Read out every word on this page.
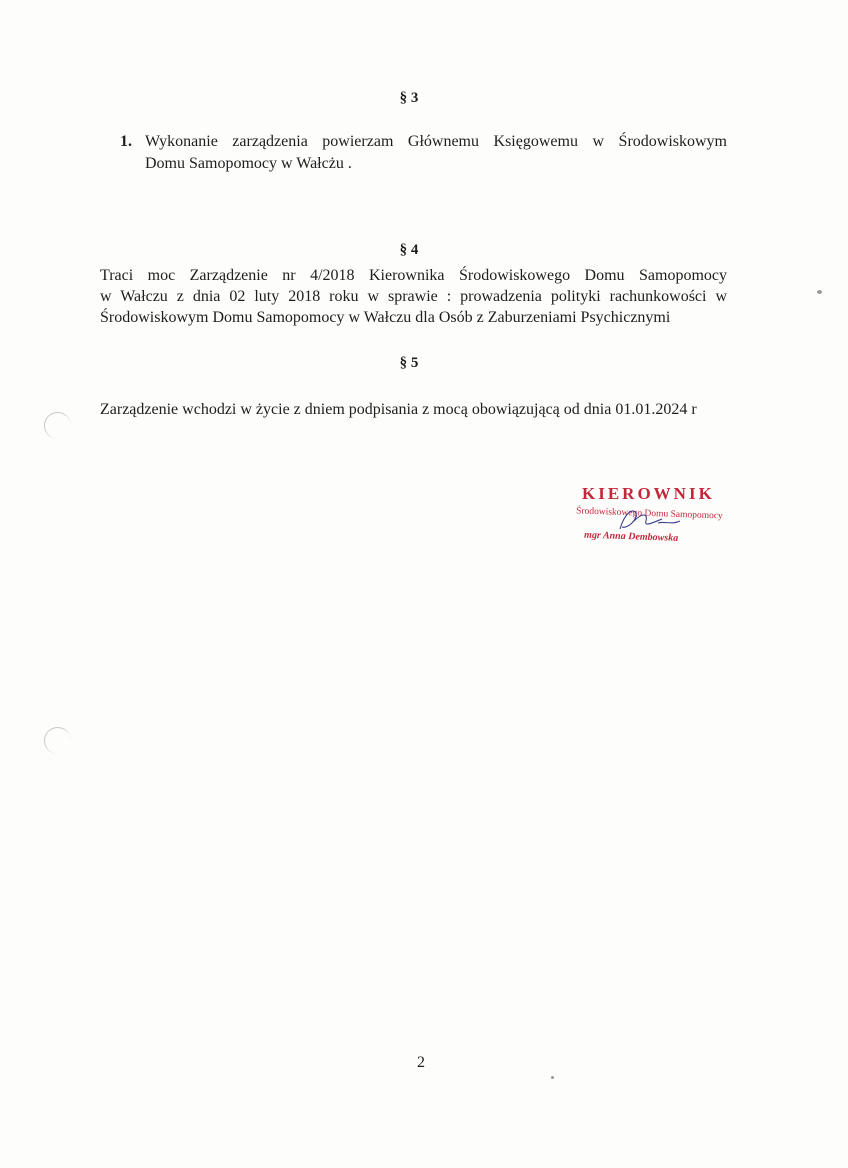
§ 3
1. Wykonanie zarządzenia powierzam Głównemu Księgowemu w Środowiskowym
Domu Samopomocy w Wałcżu .
§ 4
Traci moc Zarządzenie nr 4/2018 Kierownika Środowiskowego Domu Samopomocy
w Wałczu z dnia 02 luty 2018 roku w sprawie : prowadzenia polityki rachunkowości w
Środowiskowym Domu Samopomocy w Wałczu dla Osób z Zaburzeniami Psychicznymi
§ 5
Zarządzenie wchodzi w życie z dniem podpisania z mocą obowiązującą od dnia 01.01.2024 r
KIEROWNIK
Środowiskowego Domu Samopomocy
mgr Anna Dembowska
2
